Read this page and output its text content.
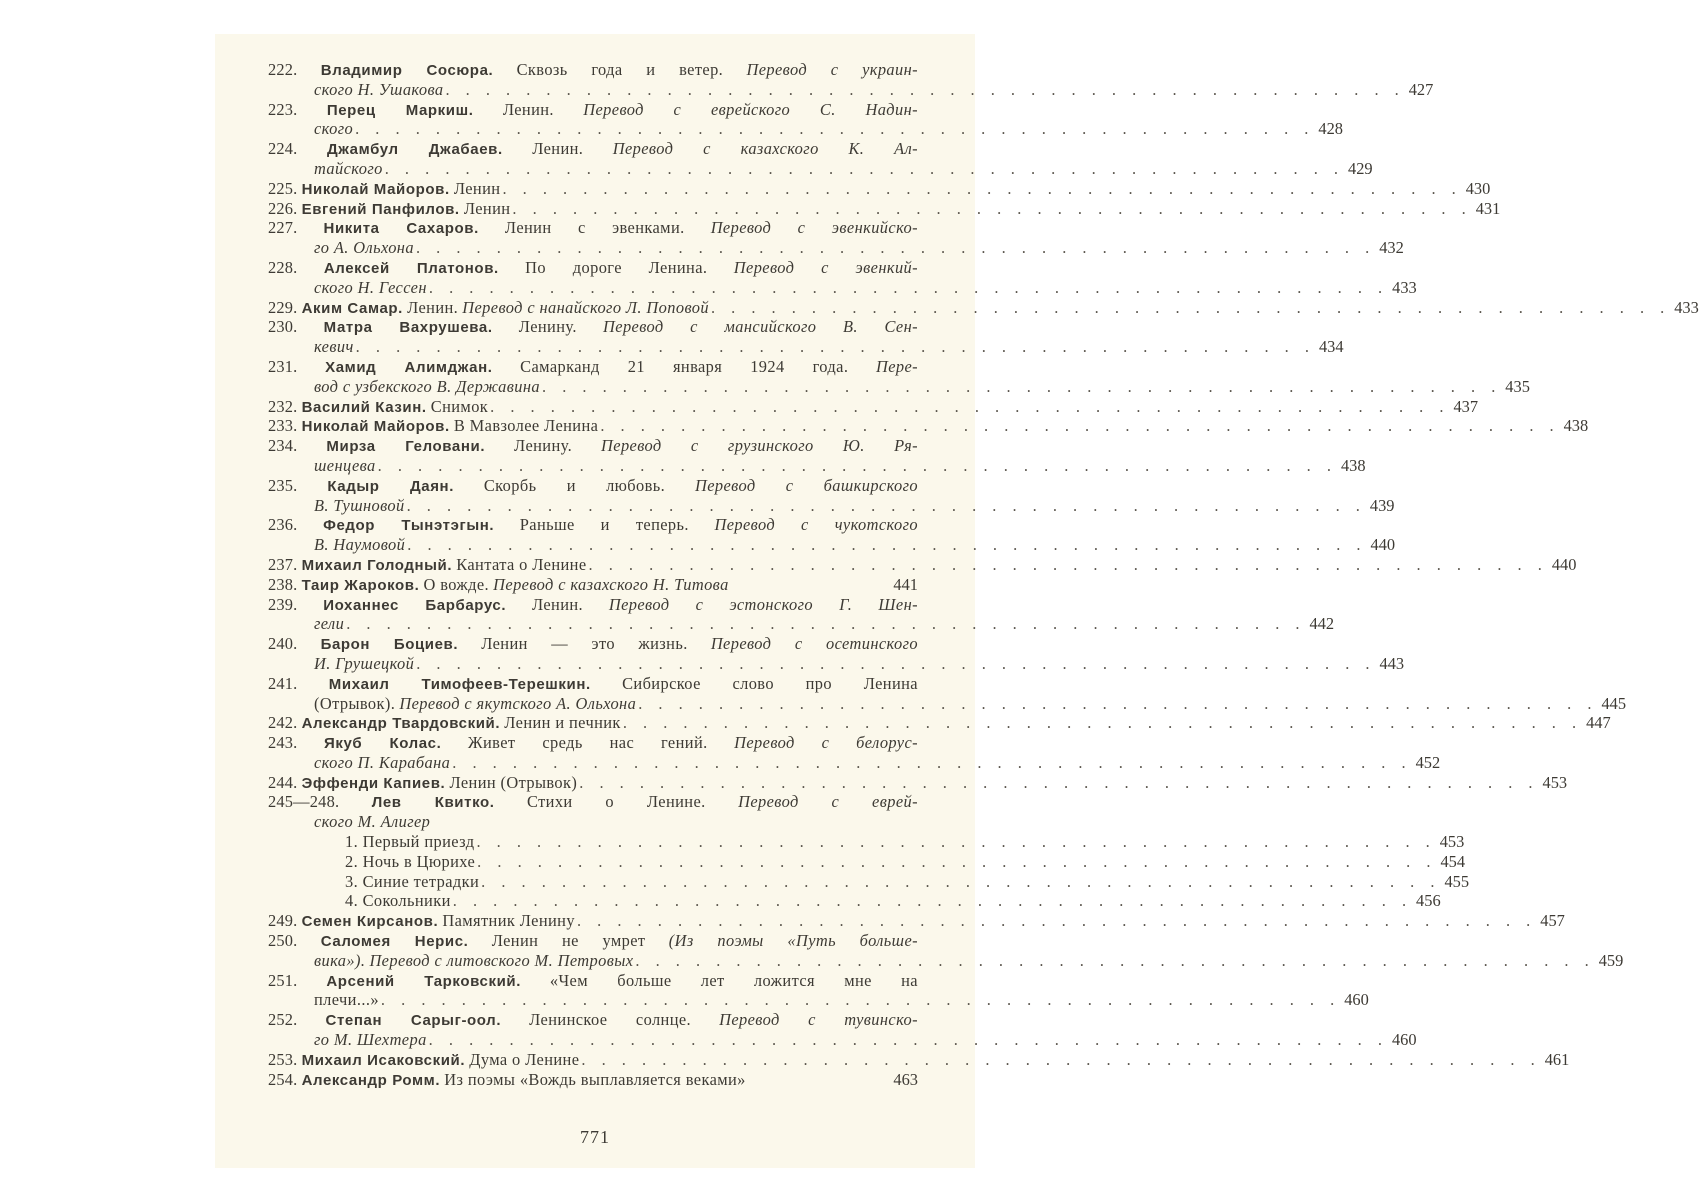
222. Владимир Сосюра. Сквозь года и ветер. Перевод с украин-
ского Н. Ушакова . . . . . . . . . . . . . . . . . . . . . . . . . . . . . . . . . . . . . . . . . . . . . . . . 427
223. Перец Маркиш. Ленин. Перевод с еврейского С. Надин-
ского . . . . . . . . . . . . . . . . . . . . . . . . . . . . . . . . . . . . . . . . . . . . . . . . 428
224. Джамбул Джабаев. Ленин. Перевод с казахского К. Ал-
тайского . . . . . . . . . . . . . . . . . . . . . . . . . . . . . . . . . . . . . . . . . . . . . . . . 429
225. Николай Майоров. Ленин . . . . . . . . . . . . . . . . . . . . . . . . . . . . . . . . . . . . . . . . . . . . . . . . 430
226. Евгений Панфилов. Ленин . . . . . . . . . . . . . . . . . . . . . . . . . . . . . . . . . . . . . . . . . . . . . . . . 431
227. Никита Сахаров. Ленин с эвенками. Перевод с эвенкийско-
го А. Ольхона . . . . . . . . . . . . . . . . . . . . . . . . . . . . . . . . . . . . . . . . . . . . . . . . 432
228. Алексей Платонов. По дороге Ленина. Перевод с эвенкий-
ского Н. Гессен . . . . . . . . . . . . . . . . . . . . . . . . . . . . . . . . . . . . . . . . . . . . . . . . 433
229. Аким Самар. Ленин. Перевод с нанайского Л. Поповой . . . . . . . . . . . . . . . . . . . . . . . . . . . . . . . . . . . . . . . . . . . . . . . . 433
230. Матра Вахрушева. Ленину. Перевод с мансийского В. Сен-
кевич . . . . . . . . . . . . . . . . . . . . . . . . . . . . . . . . . . . . . . . . . . . . . . . . 434
231. Хамид Алимджан. Самарканд 21 января 1924 года. Пере-
вод с узбекского В. Державина . . . . . . . . . . . . . . . . . . . . . . . . . . . . . . . . . . . . . . . . . . . . . . . . 435
232. Василий Казин. Снимок . . . . . . . . . . . . . . . . . . . . . . . . . . . . . . . . . . . . . . . . . . . . . . . . 437
233. Николай Майоров. В Мавзолее Ленина . . . . . . . . . . . . . . . . . . . . . . . . . . . . . . . . . . . . . . . . . . . . . . . . 438
234. Мирза Геловани. Ленину. Перевод с грузинского Ю. Ря-
шенцева . . . . . . . . . . . . . . . . . . . . . . . . . . . . . . . . . . . . . . . . . . . . . . . . 438
235. Кадыр Даян. Скорбь и любовь. Перевод с башкирского
В. Тушновой . . . . . . . . . . . . . . . . . . . . . . . . . . . . . . . . . . . . . . . . . . . . . . . . 439
236. Федор Тынэтэгын. Раньше и теперь. Перевод с чукотского
В. Наумовой . . . . . . . . . . . . . . . . . . . . . . . . . . . . . . . . . . . . . . . . . . . . . . . . 440
237. Михаил Голодный. Кантата о Ленине . . . . . . . . . . . . . . . . . . . . . . . . . . . . . . . . . . . . . . . . . . . . . . . . 440
238. Таир Жароков. О вожде. Перевод с казахского Н. Титова	441
239. Иоханнес Барбарус. Ленин. Перевод с эстонского Г. Шен-
гели . . . . . . . . . . . . . . . . . . . . . . . . . . . . . . . . . . . . . . . . . . . . . . . . 442
240. Барон Боциев. Ленин — это жизнь. Перевод с осетинского
И. Грушецкой . . . . . . . . . . . . . . . . . . . . . . . . . . . . . . . . . . . . . . . . . . . . . . . . 443
241. Михаил Тимофеев-Терешкин. Сибирское слово про Ленина
(Отрывок). Перевод с якутского А. Ольхона . . . . . . . . . . . . . . . . . . . . . . . . . . . . . . . . . . . . . . . . . . . . . . . . 445
242. Александр Твардовский. Ленин и печник . . . . . . . . . . . . . . . . . . . . . . . . . . . . . . . . . . . . . . . . . . . . . . . . 447
243. Якуб Колас. Живет средь нас гений. Перевод с белорус-
ского П. Карабана . . . . . . . . . . . . . . . . . . . . . . . . . . . . . . . . . . . . . . . . . . . . . . . . 452
244. Эффенди Капиев. Ленин (Отрывок) . . . . . . . . . . . . . . . . . . . . . . . . . . . . . . . . . . . . . . . . . . . . . . . . 453
245—248. Лев Квитко. Стихи о Ленине. Перевод с еврей-
ского М. Алигер
1. Первый приезд . . . . . . . . . . . . . . . . . . . . . . . . . . . . . . . . . . . . . . . . . . . . . . . . 453
2. Ночь в Цюрихе . . . . . . . . . . . . . . . . . . . . . . . . . . . . . . . . . . . . . . . . . . . . . . . . 454
3. Синие тетрадки . . . . . . . . . . . . . . . . . . . . . . . . . . . . . . . . . . . . . . . . . . . . . . . . 455
4. Сокольники . . . . . . . . . . . . . . . . . . . . . . . . . . . . . . . . . . . . . . . . . . . . . . . . 456
249. Семен Кирсанов. Памятник Ленину . . . . . . . . . . . . . . . . . . . . . . . . . . . . . . . . . . . . . . . . . . . . . . . . 457
250. Саломея Нерис. Ленин не умрет (Из поэмы «Путь больше-
вика»). Перевод с литовского М. Петровых . . . . . . . . . . . . . . . . . . . . . . . . . . . . . . . . . . . . . . . . . . . . . . . . 459
251. Арсений Тарковский. «Чем больше лет ложится мне на
плечи...» . . . . . . . . . . . . . . . . . . . . . . . . . . . . . . . . . . . . . . . . . . . . . . . . 460
252. Степан Сарыг-оол. Ленинское солнце. Перевод с тувинско-
го М. Шехтера . . . . . . . . . . . . . . . . . . . . . . . . . . . . . . . . . . . . . . . . . . . . . . . . 460
253. Михаил Исаковский. Дума о Ленине . . . . . . . . . . . . . . . . . . . . . . . . . . . . . . . . . . . . . . . . . . . . . . . . 461
254. Александр Ромм. Из поэмы «Вождь выплавляется веками»	463
771
